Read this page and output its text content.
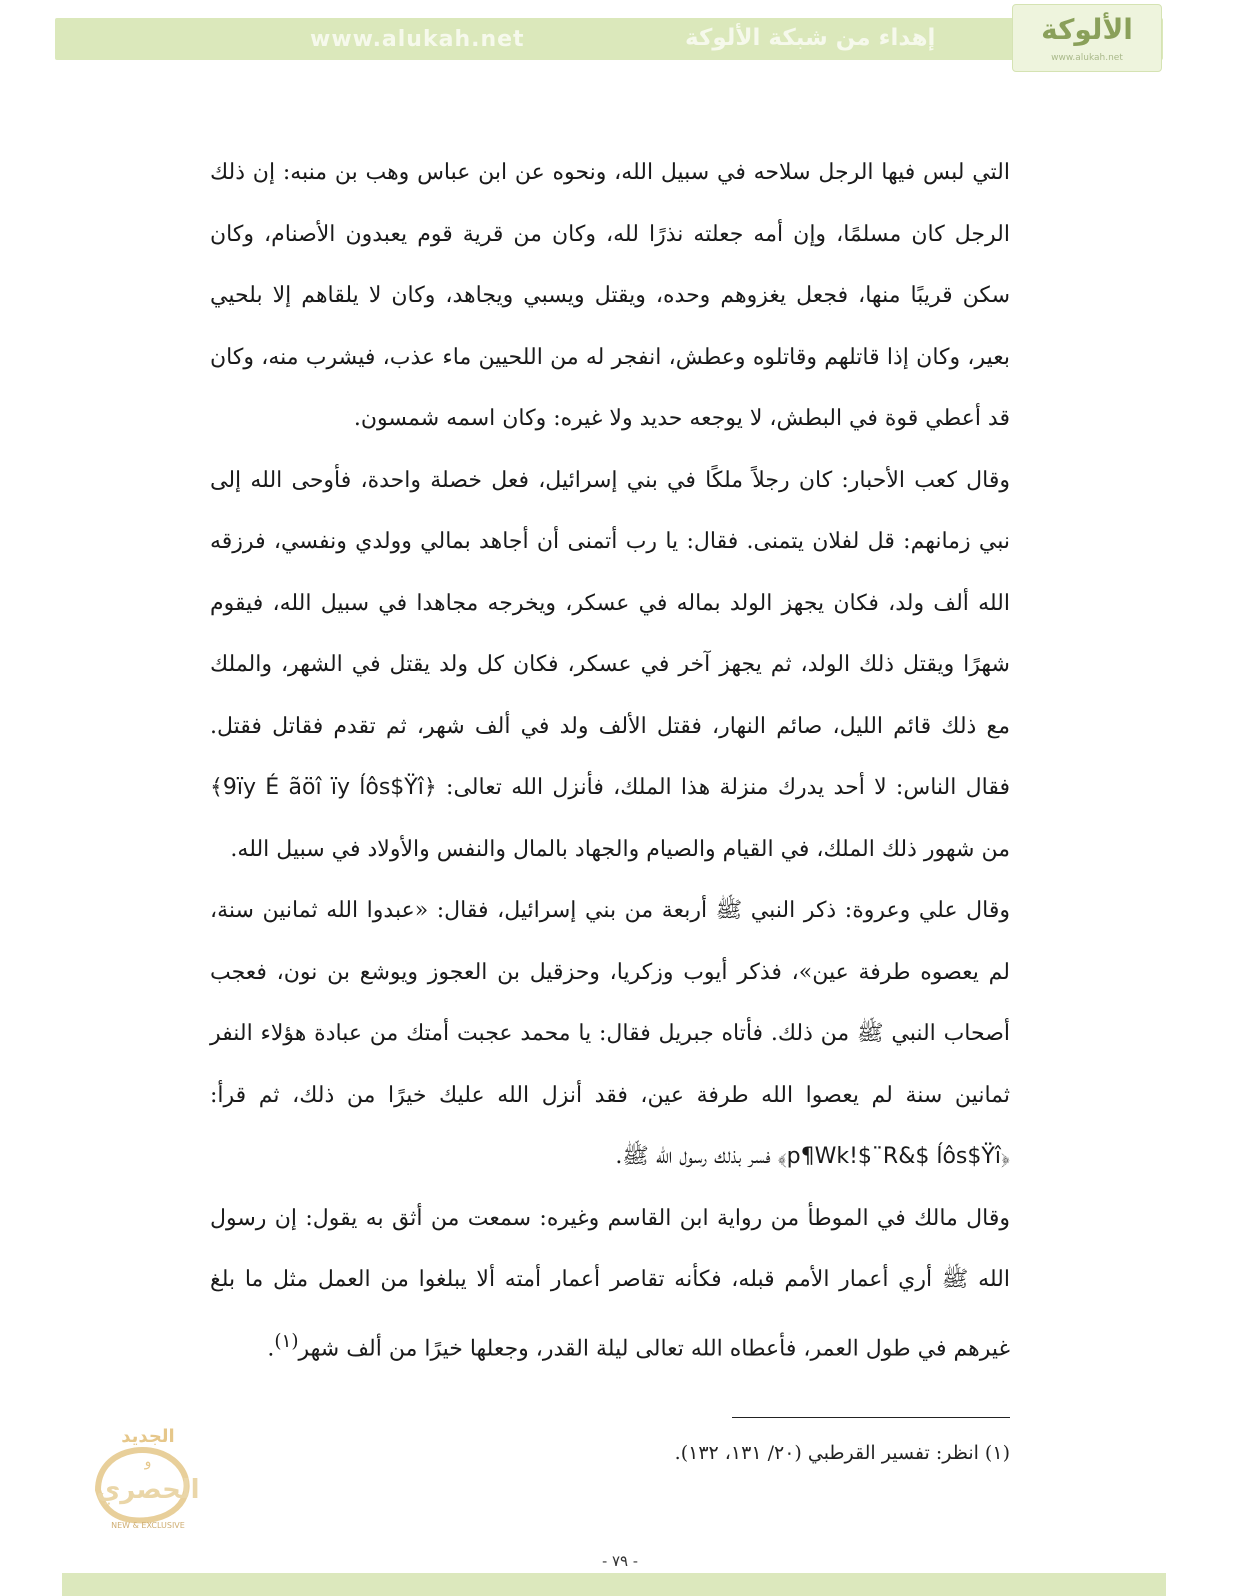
www.alukah.net	إهداء من شبكة الألوكة	الألوكة
www.alukah.net

التي لبس فيها الرجل سلاحه في سبيل الله، ونحوه عن ابن عباس وهب بن منبه: إن ذلك الرجل كان مسلمًا، وإن أمه جعلته نذرًا لله، وكان من قرية قوم يعبدون الأصنام، وكان سكن قريبًا منها، فجعل يغزوهم وحده، ويقتل ويسبي ويجاهد، وكان لا يلقاهم إلا بلحيي بعير، وكان إذا قاتلهم وقاتلوه وعطش، انفجر له من اللحيين ماء عذب، فيشرب منه، وكان قد أعطي قوة في البطش، لا يوجعه حديد ولا غيره: وكان اسمه شمسون.

وقال كعب الأحبار: كان رجلاً ملكًا في بني إسرائيل، فعل خصلة واحدة، فأوحى الله إلى نبي زمانهم: قل لفلان يتمنى. فقال: يا رب أتمنى أن أجاهد بمالي وولدي ونفسي، فرزقه الله ألف ولد، فكان يجهز الولد بماله في عسكر، ويخرجه مجاهدا في سبيل الله، فيقوم شهرًا ويقتل ذلك الولد، ثم يجهز آخر في عسكر، فكان كل ولد يقتل في الشهر، والملك مع ذلك قائم الليل، صائم النهار، فقتل الألف ولد في ألف شهر، ثم تقدم فقاتل فقتل. فقال الناس: لا أحد يدرك منزلة هذا الملك، فأنزل الله تعالى: ﴿9ïy É ãöî ïy ĺôs$Ÿî﴾ من شهور ذلك الملك، في القيام والصيام والجهاد بالمال والنفس والأولاد في سبيل الله.

وقال علي وعروة: ذكر النبي ﷺ أربعة من بني إسرائيل، فقال: «عبدوا الله ثمانين سنة، لم يعصوه طرفة عين»، فذكر أيوب وزكريا، وحزقيل بن العجوز ويوشع بن نون، فعجب أصحاب النبي ﷺ من ذلك. فأتاه جبريل فقال: يا محمد عجبت أمتك من عبادة هؤلاء النفر ثمانين سنة لم يعصوا الله طرفة عين، فقد أنزل الله عليك خيرًا من ذلك، ثم قرأ: ﴿p¶Wk!$¨R&$ ĺôs$Ÿî﴾ فسر بذلك رسول الله ﷺ.

وقال مالك في الموطأ من رواية ابن القاسم وغيره: سمعت من أثق به يقول: إن رسول الله ﷺ أري أعمار الأمم قبله، فكأنه تقاصر أعمار أمته ألا يبلغوا من العمل مثل ما بلغ غيرهم في طول العمر، فأعطاه الله تعالى ليلة القدر، وجعلها خيرًا من ألف شهر$^{(١)}$.

(١) انظر: تفسير القرطبي (٢٠/ ١٣١، ١٣٢).
الجديد
و
الحصري
NEW & EXCLUSIVE
- ٧٩ -
